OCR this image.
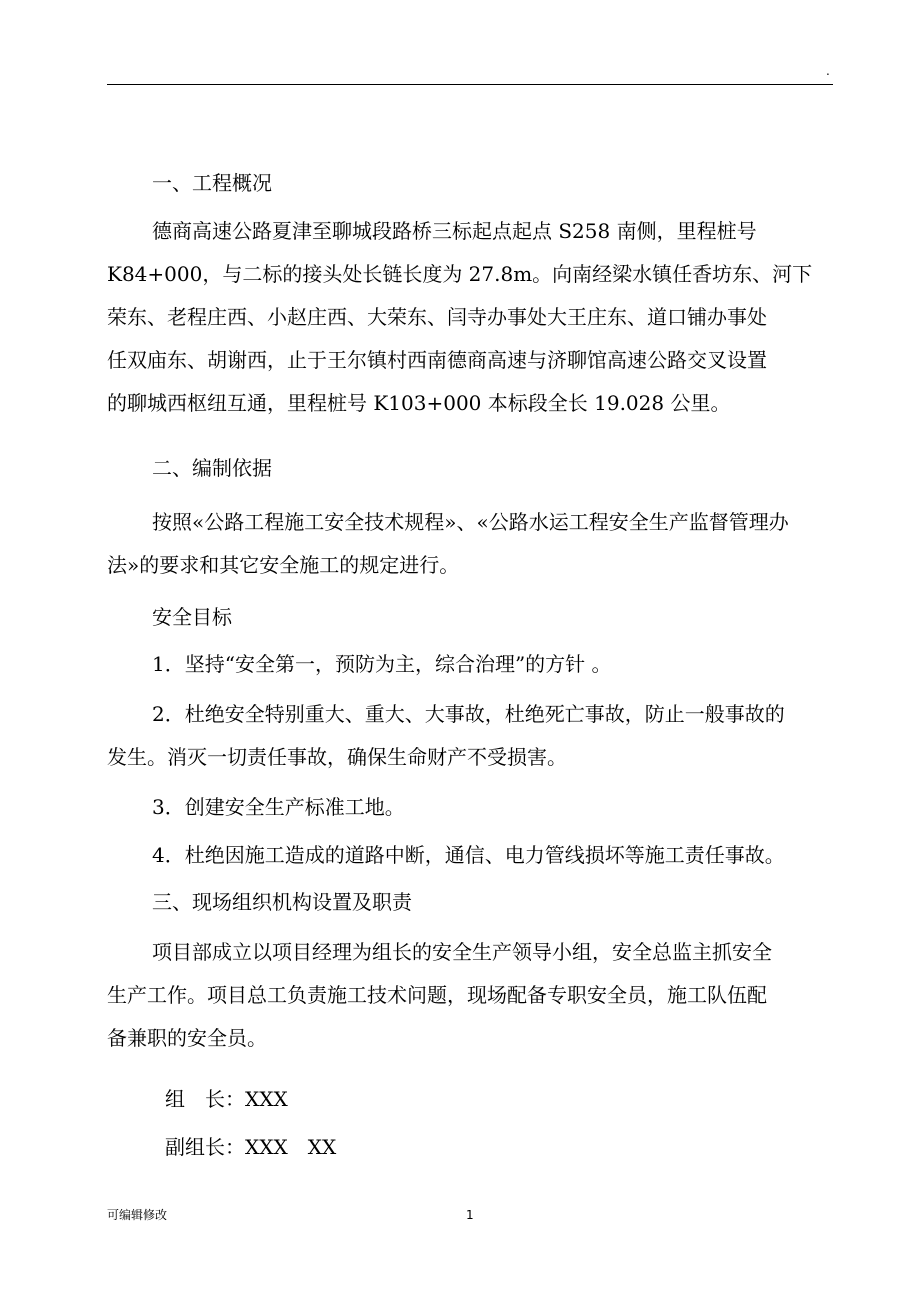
.

一、工程概况

德商高速公路夏津至聊城段路桥三标起点起点 S258 南侧，里程桩号
K84+000，与二标的接头处长链长度为 27.8m。向南经梁水镇任香坊东、河下
荣东、老程庄西、小赵庄西、大荣东、闫寺办事处大王庄东、道口铺办事处
任双庙东、胡谢西，止于王尔镇村西南德商高速与济聊馆高速公路交叉设置
的聊城西枢纽互通，里程桩号 K103+000 本标段全长 19.028 公里。

二、编制依据

按照«公路工程施工安全技术规程»、«公路水运工程安全生产监督管理办
法»的要求和其它安全施工的规定进行。

安全目标

1．坚持“安全第一，预防为主，综合治理”的方针 。

2．杜绝安全特别重大、重大、大事故，杜绝死亡事故，防止一般事故的
发生。消灭一切责任事故，确保生命财产不受损害。

3．创建安全生产标准工地。

4．杜绝因施工造成的道路中断，通信、电力管线损坏等施工责任事故。

三、现场组织机构设置及职责

项目部成立以项目经理为组长的安全生产领导小组，安全总监主抓安全
生产工作。项目总工负责施工技术问题，现场配备专职安全员，施工队伍配
备兼职的安全员。

组　长：XXX

副组长：XXX　XX

可编辑修改	1
